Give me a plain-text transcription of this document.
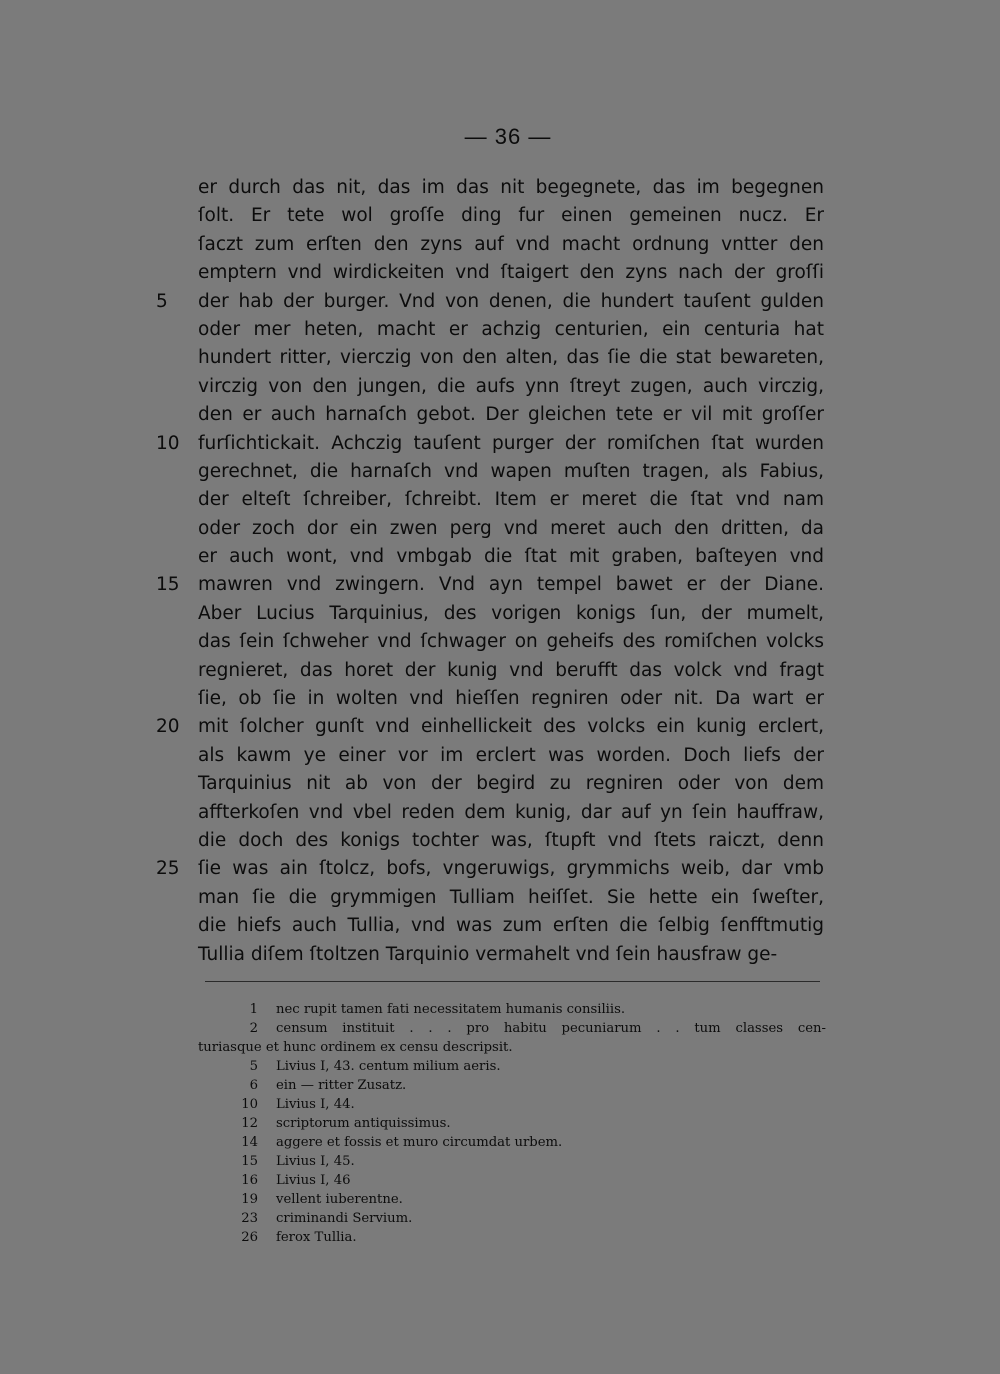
— 36 —
er durch das nit, das im das nit begegnete, das im begegnen
ſolt. Er tete wol groſſe ding fur einen gemeinen nucz. Er
ſaczt zum erſten den zyns auf vnd macht ordnung vntter den
emptern vnd wirdickeiten vnd ſtaigert den zyns nach der groſſi
5	der hab der burger. Vnd von denen, die hundert tauſent gulden
oder mer heten, macht er achzig centurien, ein centuria hat
hundert ritter, vierczig von den alten, das ſie die stat bewareten,
virczig von den jungen, die aufs ynn ſtreyt zugen, auch virczig,
den er auch harnaſch gebot. Der gleichen tete er vil mit groſſer
10 furſichtickait. Achczig tauſent purger der romiſchen ſtat wurden
gerechnet, die harnaſch vnd wapen muſten tragen, als Fabius,
der elteſt ſchreiber, ſchreibt. Item er meret die ſtat vnd nam
oder zoch dor ein zwen perg vnd meret auch den dritten, da
er auch wont, vnd vmbgab die ſtat mit graben, baſteyen vnd
15 mawren vnd zwingern. Vnd ayn tempel bawet er der Diane.
Aber Lucius Tarquinius, des vorigen konigs ſun, der mumelt,
das ſein ſchweher vnd ſchwager on geheifs des romiſchen volcks
regnieret, das horet der kunig vnd berufft das volck vnd fragt
ſie, ob ſie in wolten vnd hieſſen regniren oder nit. Da wart er
20 mit ſolcher gunſt vnd einhellickeit des volcks ein kunig erclert,
als kawm ye einer vor im erclert was worden. Doch liefs der
Tarquinius nit ab von der begird zu regniren oder von dem
affterkoſen vnd vbel reden dem kunig, dar auf yn ſein hauffraw,
die doch des konigs tochter was, ſtupft vnd ſtets raiczt, denn
25 ſie was ain ſtolcz, bofs, vngeruwigs, grymmichs weib, dar vmb
man ſie die grymmigen Tulliam heiſſet. Sie hette ein ſweſter,
die hiefs auch Tullia, vnd was zum erſten die ſelbig ſenfftmutig
Tullia diſem ſtoltzen Tarquinio vermahelt vnd ſein hausfraw ge-
1 nec rupit tamen fati necessitatem humanis consiliis.
2 censum instituit . . . pro habitu pecuniarum . . tum classes cen-
turiasque et hunc ordinem ex censu descripsit.
5 Livius I, 43. centum milium aeris.
6 ein — ritter Zusatz.
10 Livius I, 44.
12 scriptorum antiquissimus.
14 aggere et fossis et muro circumdat urbem.
15 Livius I, 45.
16 Livius I, 46
19 vellent iuberentne.
23 criminandi Servium.
26 ferox Tullia.
